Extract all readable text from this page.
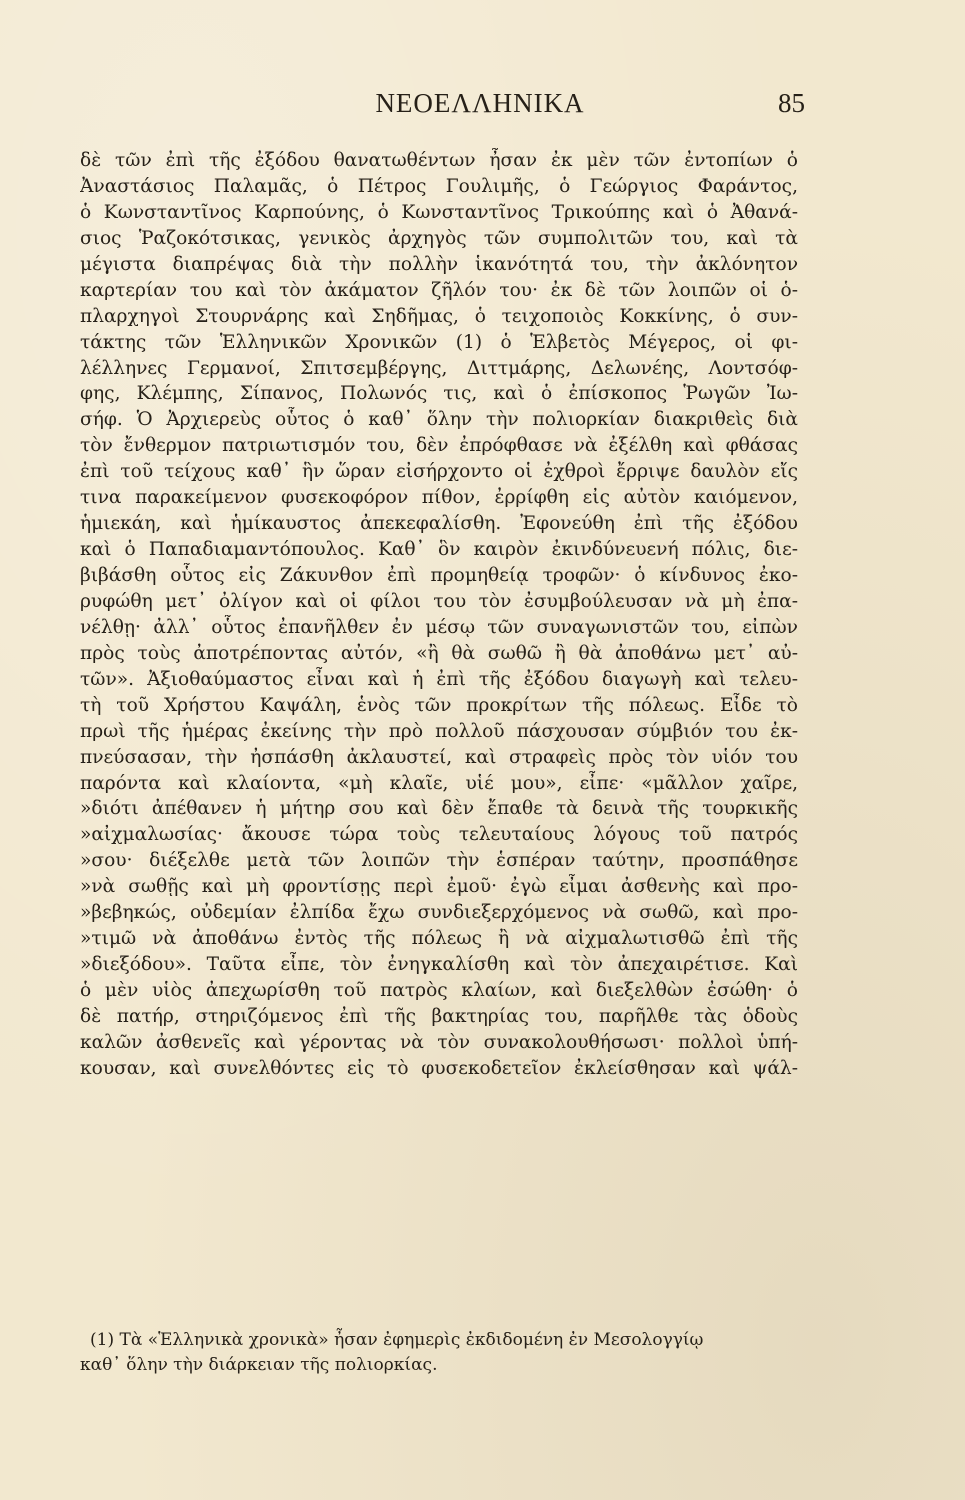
ΝΕΟΕΛΛΗΝΙΚΑ	85
δὲ τῶν ἐπὶ τῆς ἐξόδου θανατωθέντων ἦσαν ἐκ μὲν τῶν ἐντοπίων ὁ
Ἀναστάσιος Παλαμᾶς, ὁ Πέτρος Γουλιμῆς, ὁ Γεώργιος Φαράντος,
ὁ Κωνσταντῖνος Καρπούνης, ὁ Κωνσταντῖνος Τρικούπης καὶ ὁ Ἀθανά-
σιος Ῥαζοκότσικας, γενικὸς ἀρχηγὸς τῶν συμπολιτῶν του, καὶ τὰ
μέγιστα διαπρέψας διὰ τὴν πολλὴν ἱκανότητά του, τὴν ἀκλόνητον
καρτερίαν του καὶ τὸν ἀκάματον ζῆλόν του· ἐκ δὲ τῶν λοιπῶν οἱ ὁ-
πλαρχηγοὶ Στουρνάρης καὶ Σηδῆμας, ὁ τειχοποιὸς Κοκκίνης, ὁ συν-
τάκτης τῶν Ἑλληνικῶν Χρονικῶν (1) ὁ Ἑλβετὸς Μέγερος, οἱ φι-
λέλληνες Γερμανοί, Σπιτσεμβέργης, Διττμάρης, Δελωνέης, Λοντσόφ-
φης, Κλέμπης, Σίπανος, Πολωνός τις, καὶ ὁ ἐπίσκοπος Ῥωγῶν Ἰω-
σήφ. Ὁ Ἀρχιερεὺς οὗτος ὁ καθ᾽ ὅλην τὴν πολιορκίαν διακριθεὶς διὰ
τὸν ἔνθερμον πατριωτισμόν του, δὲν ἐπρόφθασε νὰ ἐξέλθη καὶ φθάσας
ἐπὶ τοῦ τείχους καθ᾽ ἣν ὥραν εἰσήρχοντο οἱ ἐχθροὶ ἔρριψε δαυλὸν εἴς
τινα παρακείμενον φυσεκοφόρον πίθον, ἐρρίφθη εἰς αὐτὸν καιόμενον,
ἡμιεκάη, καὶ ἡμίκαυστος ἀπεκεφαλίσθη. Ἐφονεύθη ἐπὶ τῆς ἐξόδου
καὶ ὁ Παπαδιαμαντόπουλος. Καθ᾽ ὃν καιρὸν ἐκινδύνευενή πόλις, διε-
βιβάσθη οὗτος εἰς Ζάκυνθον ἐπὶ προμηθείᾳ τροφῶν· ὁ κίνδυνος ἐκο-
ρυφώθη μετ᾽ ὀλίγον καὶ οἱ φίλοι του τὸν ἐσυμβούλευσαν νὰ μὴ ἐπα-
νέλθῃ· ἀλλ᾽ οὗτος ἐπανῆλθεν ἐν μέσῳ τῶν συναγωνιστῶν του, εἰπὼν
πρὸς τοὺς ἀποτρέποντας αὐτόν, «ἢ θὰ σωθῶ ἢ θὰ ἀποθάνω μετ᾽ αὐ-
τῶν». Ἀξιοθαύμαστος εἶναι καὶ ἡ ἐπὶ τῆς ἐξόδου διαγωγὴ καὶ τελευ-
τὴ τοῦ Χρήστου Καψάλη, ἑνὸς τῶν προκρίτων τῆς πόλεως. Εἶδε τὸ
πρωὶ τῆς ἡμέρας ἐκείνης τὴν πρὸ πολλοῦ πάσχουσαν σύμβιόν του ἐκ-
πνεύσασαν, τὴν ἠσπάσθη ἀκλαυστεί, καὶ στραφεὶς πρὸς τὸν υἱόν του
παρόντα καὶ κλαίοντα, «μὴ κλαῖε, υἱέ μου», εἶπε· «μᾶλλον χαῖρε,
»διότι ἀπέθανεν ἡ μήτηρ σου καὶ δὲν ἔπαθε τὰ δεινὰ τῆς τουρκικῆς
»αἰχμαλωσίας· ἄκουσε τώρα τοὺς τελευταίους λόγους τοῦ πατρός
»σου· διέξελθε μετὰ τῶν λοιπῶν τὴν ἑσπέραν ταύτην, προσπάθησε
»νὰ σωθῇς καὶ μὴ φροντίσῃς περὶ ἐμοῦ· ἐγὼ εἶμαι ἀσθενὴς καὶ προ-
»βεβηκώς, οὐδεμίαν ἐλπίδα ἔχω συνδιεξερχόμενος νὰ σωθῶ, καὶ προ-
»τιμῶ νὰ ἀποθάνω ἐντὸς τῆς πόλεως ἢ νὰ αἰχμαλωτισθῶ ἐπὶ τῆς
»διεξόδου». Ταῦτα εἶπε, τὸν ἐνηγκαλίσθη καὶ τὸν ἀπεχαιρέτισε. Καὶ
ὁ μὲν υἱὸς ἀπεχωρίσθη τοῦ πατρὸς κλαίων, καὶ διεξελθὼν ἐσώθη· ὁ
δὲ πατήρ, στηριζόμενος ἐπὶ τῆς βακτηρίας του, παρῆλθε τὰς ὁδοὺς
καλῶν ἀσθενεῖς καὶ γέροντας νὰ τὸν συνακολουθήσωσι· πολλοὶ ὑπή-
κουσαν, καὶ συνελθόντες εἰς τὸ φυσεκοδετεῖον ἐκλείσθησαν καὶ ψάλ-
(1) Τὰ «Ἑλληνικὰ χρονικὰ» ἦσαν ἐφημερὶς ἐκδιδομένη ἐν Μεσολογγίῳ
καθ᾽ ὅλην τὴν διάρκειαν τῆς πολιορκίας.
